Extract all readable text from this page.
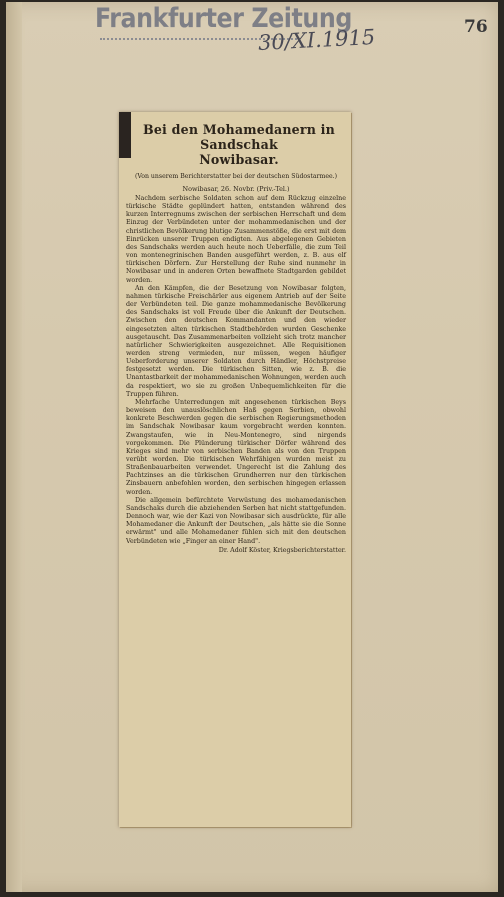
Frankfurter Zeitung
30/XI.1915	76
Bei den Mohamedanern in Sandschak
Nowibasar.
(Von unserem Berichterstatter bei der deutschen Südostarmee.)
Nowibasar, 26. Novbr. (Priv.-Tel.)

Nachdem serbische Soldaten schon auf dem Rückzug einzelne türkische Städte geplündert hatten, entstanden während des kurzen Interregnums zwischen der serbischen Herrschaft und dem Einzug der Verbündeten unter der mohammedanischen und der christlichen Bevölkerung blutige Zusammenstöße, die erst mit dem Einrücken unserer Truppen endigten. Aus abgelegenen Gebieten des Sandschaks werden auch heute noch Ueberfälle, die zum Teil von montenegrinischen Banden ausgeführt werden, z. B. aus elf türkischen Dörfern. Zur Herstellung der Ruhe sind nunmehr in Nowibasar und in anderen Orten bewaffnete Stadtgarden gebildet worden.

An den Kämpfen, die der Besetzung von Nowibasar folgten, nahmen türkische Freischärler aus eigenem Antrieb auf der Seite der Verbündeten teil. Die ganze mohammedanische Bevölkerung des Sandschaks ist voll Freude über die Ankunft der Deutschen. Zwischen den deutschen Kommandanten und den wieder eingesetzten alten türkischen Stadtbehörden wurden Geschenke ausgetauscht. Das Zusammenarbeiten vollzieht sich trotz mancher natürlicher Schwierigkeiten ausgezeichnet. Alle Requisitionen werden streng vermieden, nur müssen, wegen häufiger Ueberforderung unserer Soldaten durch Händler, Höchstpreise festgesetzt werden. Die türkischen Sitten, wie z. B. die Unantastbarkeit der mohammedanischen Wohnungen, werden auch da respektiert, wo sie zu großen Unbequemlichkeiten für die Truppen führen.

Mehrfache Unterredungen mit angesehenen türkischen Beys beweisen den unauslöschlichen Haß gegen Serbien, obwohl konkrete Beschwerden gegen die serbischen Regierungsmethoden im Sandschak Nowibasar kaum vorgebracht werden konnten. Zwangstaufen, wie in Neu-Montenegro, sind nirgends vorgekommen. Die Plünderung türkischer Dörfer während des Krieges sind mehr von serbischen Banden als von den Truppen verübt worden. Die türkischen Wehrfähigen wurden meist zu Straßenbauarbeiten verwendet. Ungerecht ist die Zahlung des Pachtzinses an die türkischen Grundherren nur den türkischen Zinsbauern anbefohlen worden, den serbischen hingegen erlassen worden.

Die allgemein befürchtete Verwüstung des mohamedanischen Sandschaks durch die abziehenden Serben hat nicht stattgefunden. Dennoch war, wie der Kazi von Nowibasar sich ausdrückte, für alle Mohamedaner die Ankunft der Deutschen, „als hätte sie die Sonne erwärmt" und alle Mohamedaner fühlen sich mit den deutschen Verbündeten wie „Finger an einer Hand".

Dr. Adolf Köster, Kriegsberichterstatter.
